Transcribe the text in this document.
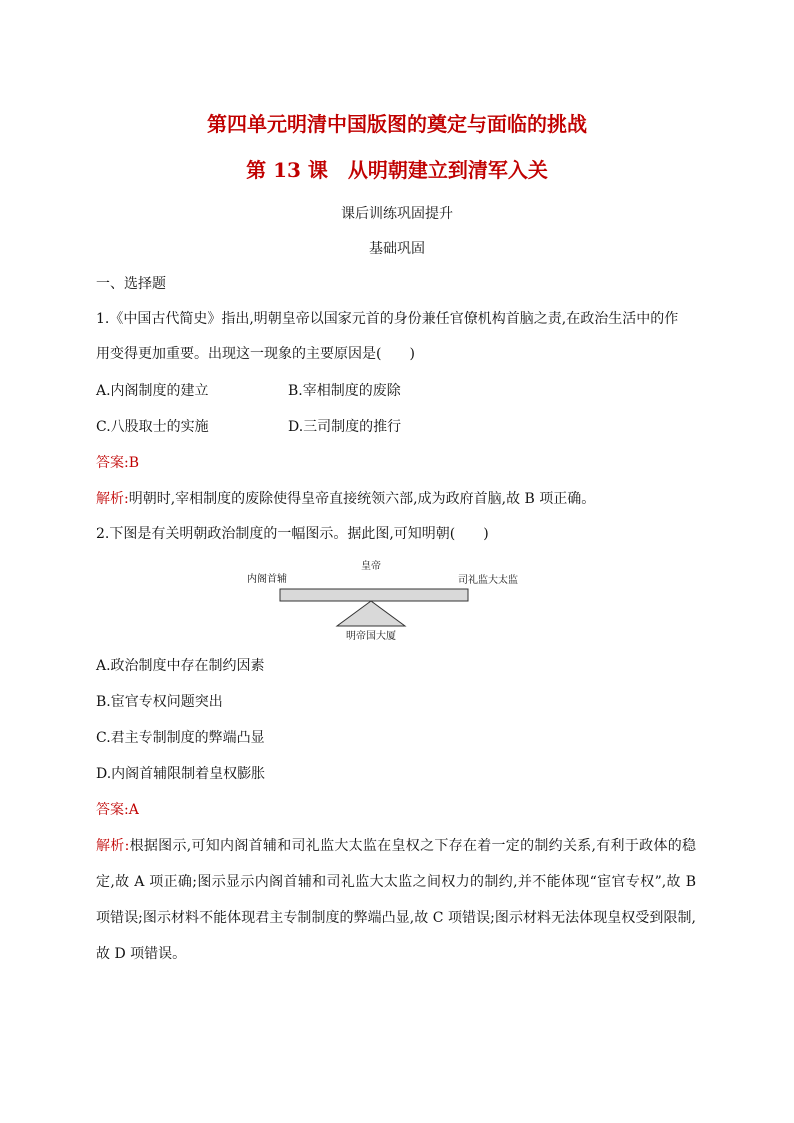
第四单元明清中国版图的奠定与面临的挑战
第 13 课　从明朝建立到清军入关
课后训练巩固提升
基础巩固
一、选择题
1.《中国古代简史》指出,明朝皇帝以国家元首的身份兼任官僚机构首脑之责,在政治生活中的作
用变得更加重要。出现这一现象的主要原因是(　　)
A.内阁制度的建立	B.宰相制度的废除
C.八股取士的实施	D.三司制度的推行
答案:B
解析:明朝时,宰相制度的废除使得皇帝直接统领六部,成为政府首脑,故 B 项正确。
2.下图是有关明朝政治制度的一幅图示。据此图,可知明朝(　　)
皇帝
内阁首辅	司礼监大太监
明帝国大厦
A.政治制度中存在制约因素
B.宦官专权问题突出
C.君主专制制度的弊端凸显
D.内阁首辅限制着皇权膨胀
答案:A
解析:根据图示,可知内阁首辅和司礼监大太监在皇权之下存在着一定的制约关系,有利于政体的稳定,故 A 项正确;图示显示内阁首辅和司礼监大太监之间权力的制约,并不能体现“宦官专权”,故 B 项错误;图示材料不能体现君主专制制度的弊端凸显,故 C 项错误;图示材料无法体现皇权受到限制,故 D 项错误。
